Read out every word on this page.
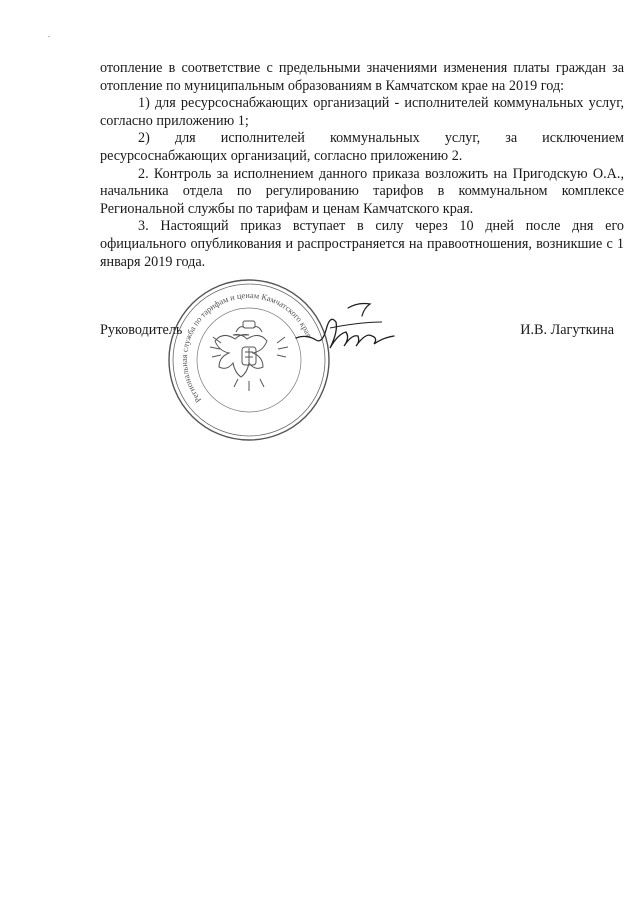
отопление в соответствие с предельными значениями изменения платы граждан за отопление по муниципальным образованиям в Камчатском крае на 2019 год:

1) для ресурсоснабжающих организаций - исполнителей коммунальных услуг, согласно приложению 1;

2) для исполнителей коммунальных услуг, за исключением ресурсоснабжающих организаций, согласно приложению 2.

2. Контроль за исполнением данного приказа возложить на Пригодскую О.А., начальника отдела по регулированию тарифов в коммунальном комплексе Региональной службы по тарифам и ценам Камчатского края.

3. Настоящий приказ вступает в силу через 10 дней после дня его официального опубликования и распространяется на правоотношения, возникшие с 1 января 2019 года.

Руководитель	И.В. Лагуткина
Региональная служба по тарифам и ценам Камчатского края
